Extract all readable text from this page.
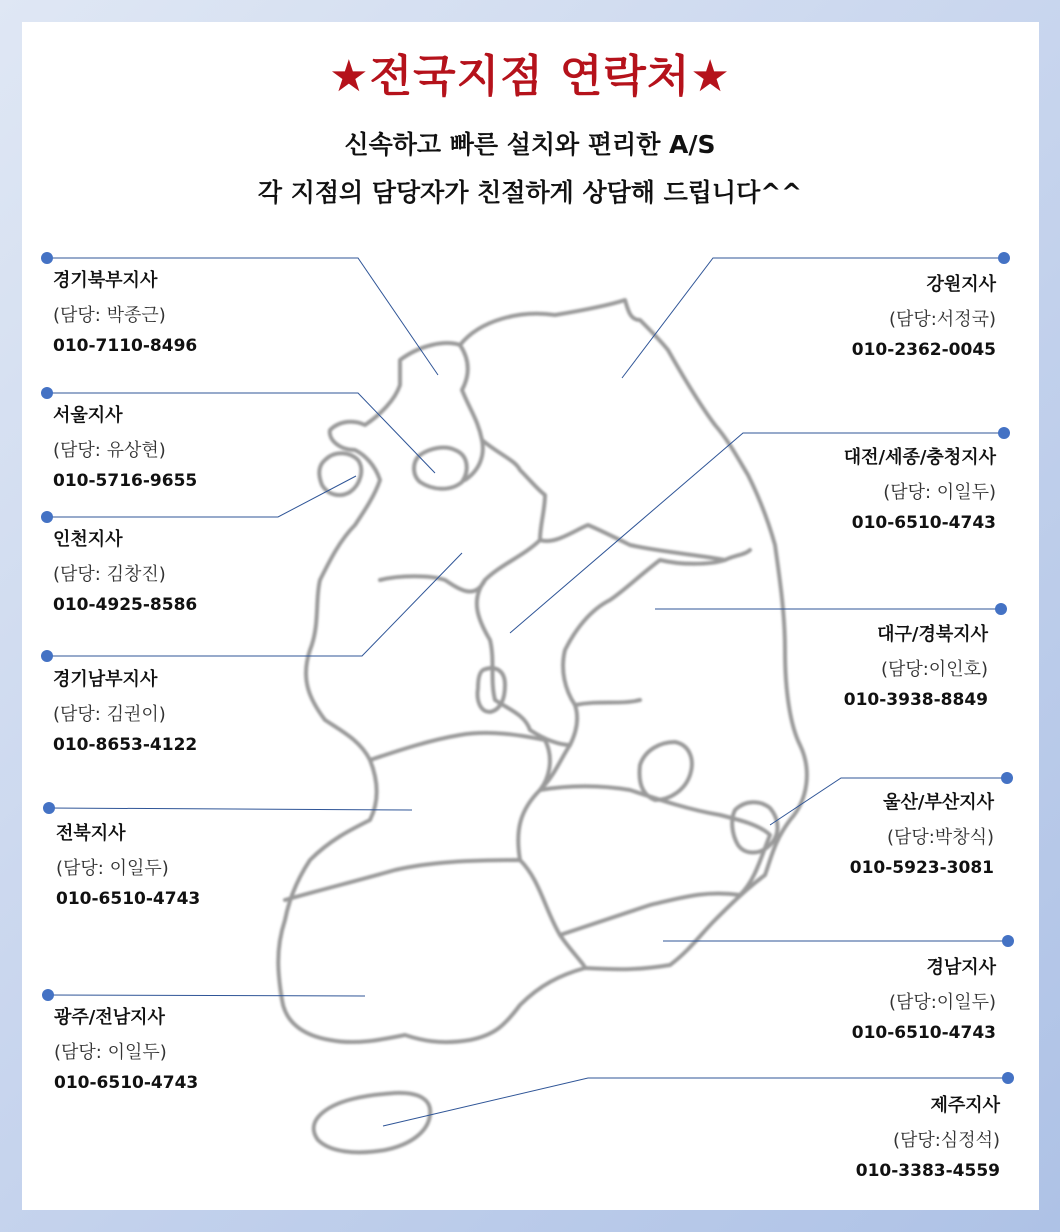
★전국지점 연락처★
신속하고 빠른 설치와 편리한 A/S
각 지점의 담당자가 친절하게 상담해 드립니다^^
경기북부지사
(담당: 박종근)
010-7110-8496
서울지사
(담당: 유상현)
010-5716-9655
인천지사
(담당: 김창진)
010-4925-8586
경기남부지사
(담당: 김권이)
010-8653-4122
전북지사
(담당: 이일두)
010-6510-4743
광주/전남지사
(담당: 이일두)
010-6510-4743
강원지사
(담당:서정국)
010-2362-0045
대전/세종/충청지사
(담당: 이일두)
010-6510-4743
대구/경북지사
(담당:이인호)
010-3938-8849
울산/부산지사
(담당:박창식)
010-5923-3081
경남지사
(담당:이일두)
010-6510-4743
제주지사
(담당:심정석)
010-3383-4559
